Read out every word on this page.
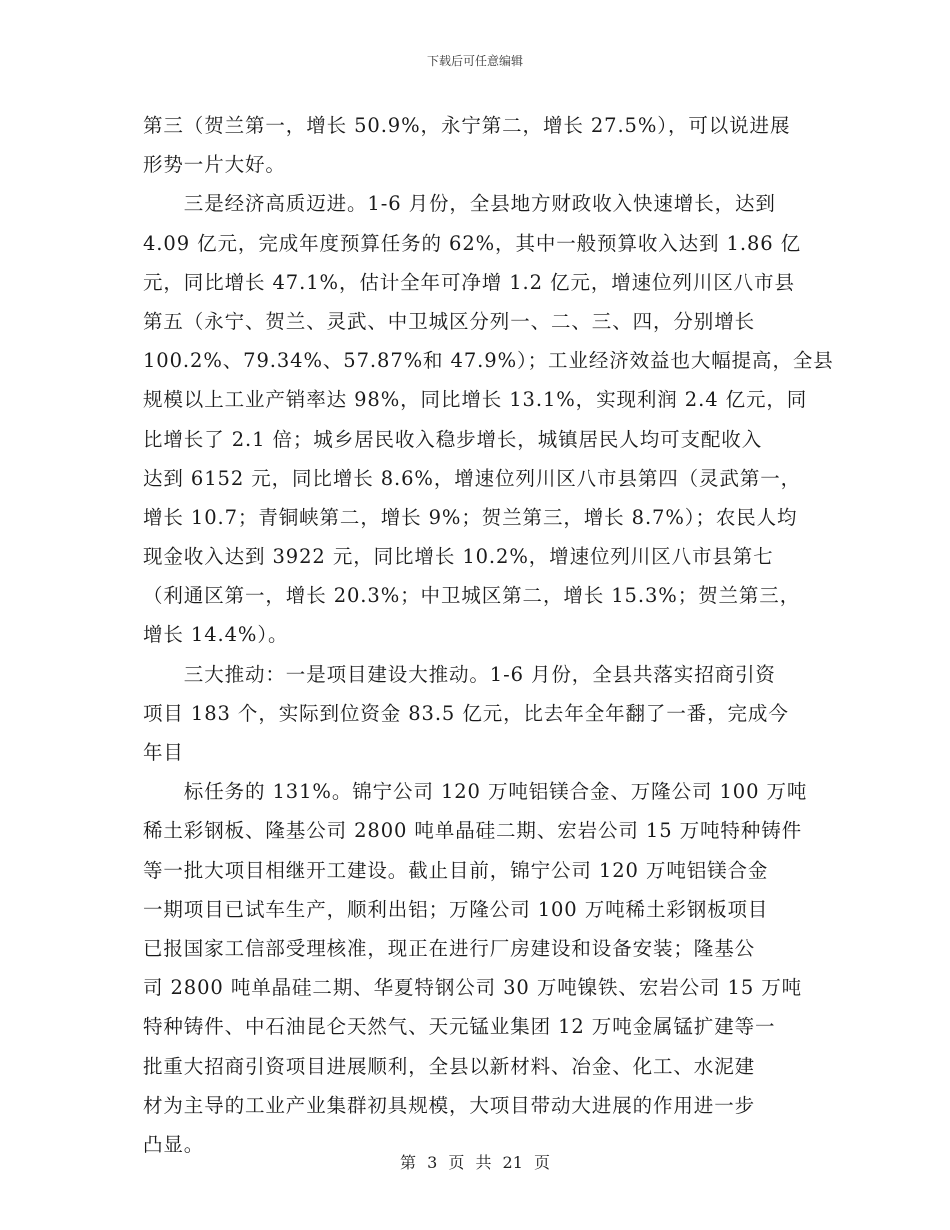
下载后可任意编辑
第三（贺兰第一，增长 50.9%，永宁第二，增长 27.5%），可以说进展
形势一片大好。
　　三是经济高质迈进。1-6 月份，全县地方财政收入快速增长，达到
4.09 亿元，完成年度预算任务的 62%，其中一般预算收入达到 1.86 亿
元，同比增长 47.1%，估计全年可净增 1.2 亿元，增速位列川区八市县
第五（永宁、贺兰、灵武、中卫城区分列一、二、三、四，分别增长
100.2%、79.34%、57.87%和 47.9%）；工业经济效益也大幅提高，全县
规模以上工业产销率达 98%，同比增长 13.1%，实现利润 2.4 亿元，同
比增长了 2.1 倍；城乡居民收入稳步增长，城镇居民人均可支配收入
达到 6152 元，同比增长 8.6%，增速位列川区八市县第四（灵武第一，
增长 10.7；青铜峡第二，增长 9%；贺兰第三，增长 8.7%）；农民人均
现金收入达到 3922 元，同比增长 10.2%，增速位列川区八市县第七
（利通区第一，增长 20.3%；中卫城区第二，增长 15.3%；贺兰第三，
增长 14.4%）。
　　三大推动：一是项目建设大推动。1-6 月份，全县共落实招商引资
项目 183 个，实际到位资金 83.5 亿元，比去年全年翻了一番，完成今
年目
　　标任务的 131%。锦宁公司 120 万吨铝镁合金、万隆公司 100 万吨
稀土彩钢板、隆基公司 2800 吨单晶硅二期、宏岩公司 15 万吨特种铸件
等一批大项目相继开工建设。截止目前，锦宁公司 120 万吨铝镁合金
一期项目已试车生产，顺利出铝；万隆公司 100 万吨稀土彩钢板项目
已报国家工信部受理核准，现正在进行厂房建设和设备安装；隆基公
司 2800 吨单晶硅二期、华夏特钢公司 30 万吨镍铁、宏岩公司 15 万吨
特种铸件、中石油昆仑天然气、天元锰业集团 12 万吨金属锰扩建等一
批重大招商引资项目进展顺利，全县以新材料、冶金、化工、水泥建
材为主导的工业产业集群初具规模，大项目带动大进展的作用进一步
凸显。
第 3 页 共 21 页
